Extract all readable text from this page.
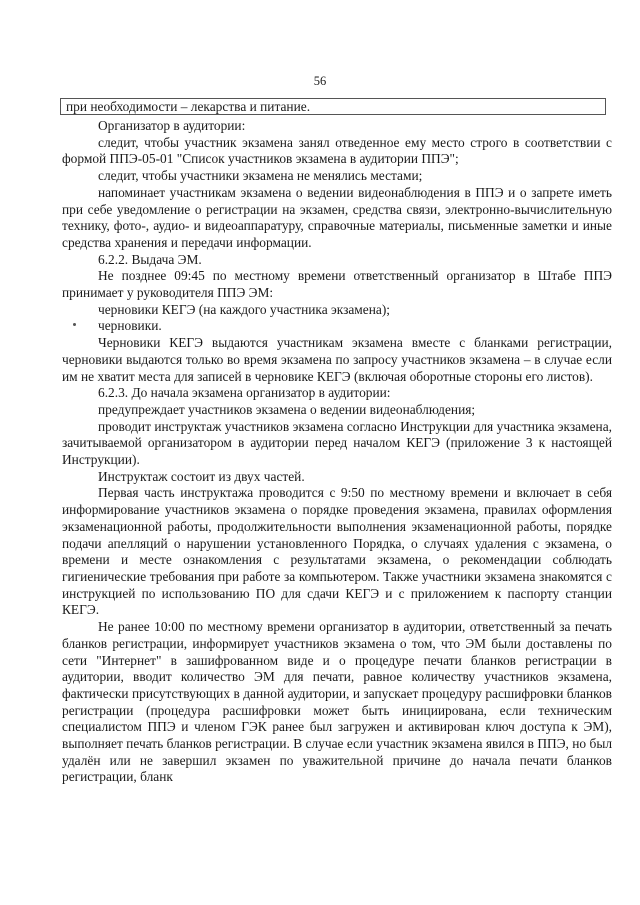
56
при необходимости – лекарства и питание.

Организатор в аудитории:

следит, чтобы участник экзамена занял отведенное ему место строго в соответствии с формой ППЭ-05-01 "Список участников экзамена в аудитории ППЭ";

следит, чтобы участники экзамена не менялись местами;

напоминает участникам экзамена о ведении видеонаблюдения в ППЭ и о запрете иметь при себе уведомление о регистрации на экзамен, средства связи, электронно-вычислительную технику, фото-, аудио- и видеоаппаратуру, справочные материалы, письменные заметки и иные средства хранения и передачи информации.

6.2.2. Выдача ЭМ.

Не позднее 09:45 по местному времени ответственный организатор в Штабе ППЭ принимает у руководителя ППЭ ЭМ:

черновики КЕГЭ (на каждого участника экзамена);

черновики.

Черновики КЕГЭ выдаются участникам экзамена вместе с бланками регистрации, черновики выдаются только во время экзамена по запросу участников экзамена – в случае если им не хватит места для записей в черновике КЕГЭ (включая оборотные стороны его листов).

6.2.3. До начала экзамена организатор в аудитории:

предупреждает участников экзамена о ведении видеонаблюдения;

проводит инструктаж участников экзамена согласно Инструкции для участника экзамена, зачитываемой организатором в аудитории перед началом КЕГЭ (приложение 3 к настоящей Инструкции).

Инструктаж состоит из двух частей.

Первая часть инструктажа проводится с 9:50 по местному времени и включает в себя информирование участников экзамена о порядке проведения экзамена, правилах оформления экзаменационной работы, продолжительности выполнения экзаменационной работы, порядке подачи апелляций о нарушении установленного Порядка, о случаях удаления с экзамена, о времени и месте ознакомления с результатами экзамена, о рекомендации соблюдать гигиенические требования при работе за компьютером. Также участники экзамена знакомятся с инструкцией по использованию ПО для сдачи КЕГЭ и с приложением к паспорту станции КЕГЭ.

Не ранее 10:00 по местному времени организатор в аудитории, ответственный за печать бланков регистрации, информирует участников экзамена о том, что ЭМ были доставлены по сети "Интернет" в зашифрованном виде и о процедуре печати бланков регистрации в аудитории, вводит количество ЭМ для печати, равное количеству участников экзамена, фактически присутствующих в данной аудитории, и запускает процедуру расшифровки бланков регистрации (процедура расшифровки может быть инициирована, если техническим специалистом ППЭ и членом ГЭК ранее был загружен и активирован ключ доступа к ЭМ), выполняет печать бланков регистрации. В случае если участник экзамена явился в ППЭ, но был удалён или не завершил экзамен по уважительной причине до начала печати бланков регистрации, бланк
